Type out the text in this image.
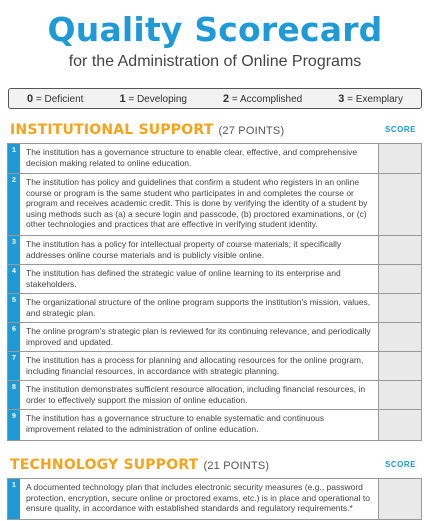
Quality Scorecard
for the Administration of Online Programs
0 = Deficient	1 = Developing	2 = Accomplished	3 = Exemplary
INSTITUTIONAL SUPPORT (27 POINTS)	SCORE
1	The institution has a governance structure to enable clear, effective, and comprehensive decision making related to online education.
2	The institution has policy and guidelines that confirm a student who registers in an online course or program is the same student who participates in and completes the course or program and receives academic credit. This is done by verifying the identity of a student by using methods such as (a) a secure login and passcode, (b) proctored examinations, or (c) other technologies and practices that are effective in verifying student identity.
3	The institution has a policy for intellectual property of course materials; it specifically addresses online course materials and is publicly visible online.
4	The institution has defined the strategic value of online learning to its enterprise and stakeholders.
5	The organizational structure of the online program supports the institution's mission, values, and strategic plan.
6	The online program's strategic plan is reviewed for its continuing relevance, and periodically improved and updated.
7	The institution has a process for planning and allocating resources for the online program, including financial resources, in accordance with strategic planning.
8	The institution demonstrates sufficient resource allocation, including financial resources, in order to effectively support the mission of online education.
9	The institution has a governance structure to enable systematic and continuous improvement related to the administration of online education.
TECHNOLOGY SUPPORT (21 POINTS)	SCORE
1	A documented technology plan that includes electronic security measures (e.g., password protection, encryption, secure online or proctored exams, etc.) is in place and operational to ensure quality, in accordance with established standards and regulatory requirements.*
